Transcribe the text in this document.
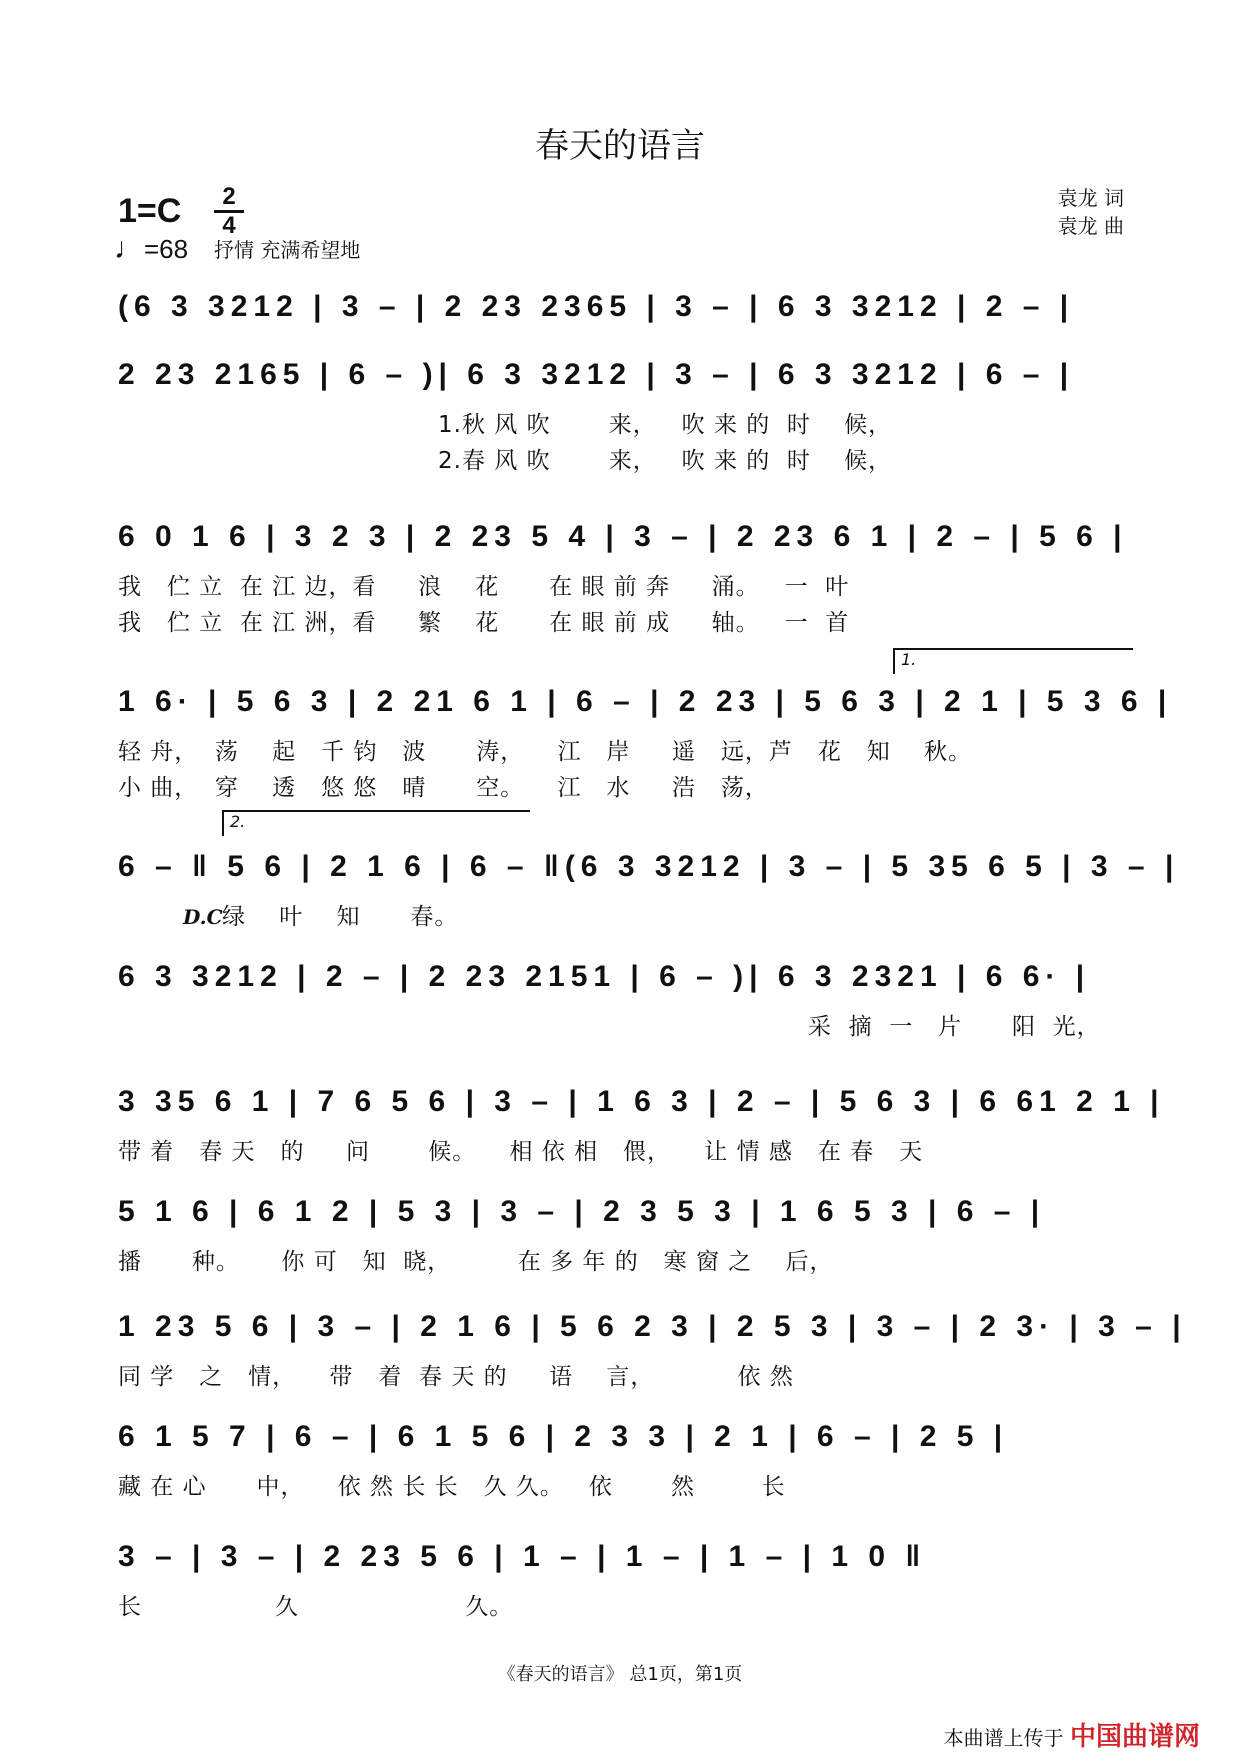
春天的语言
1=C	2
4
♩=68 抒情 充满希望地
袁龙 词
袁龙 曲
(6 3 3212 | 3 – | 2 23 2365 | 3 – | 6 3 3212 | 2 – |
2 23 2165 | 6 – )| 6 3 3212 | 3 – | 6 3 3212 | 6 – |
1.秋 风 吹       来，   吹 来 的  时    候，
2.春 风 吹       来，   吹 来 的  时    候，
6 0 1 6 | 3 2 3 | 2 23 5 4 | 3 – | 2 23 6 1 | 2 – | 5 6 |
我   伫 立  在 江 边，看     浪    花      在 眼 前 奔     涌。   一  叶
我   伫 立  在 江 洲，看     繁    花      在 眼 前 成     轴。   一  首
1 6· | 5 6 3 | 2 21 6 1 | 6 – | 2 23 | 5 6 3 | 2 1 | 5 3 6 |
轻 舟，  荡    起   千 钧   波      涛，    江   岸     遥   远，芦   花   知    秋。
小 曲，  穿    透   悠 悠   晴      空。    江   水     浩   荡，
6 – ‖ 5 6 | 2 1 6 | 6 – ‖(6 3 3212 | 3 – | 5 35 6 5 | 3 – |
绿    叶    知      春。
6 3 3212 | 2 – | 2 23 2151 | 6 – )| 6 3 2321 | 6 6· |
采  摘  一   片      阳  光，
3 35 6 1 | 7 6 5 6 | 3 – | 1 6 3 | 2 – | 5 6 3 | 6 61 2 1 |
带 着   春 天   的     问       候。    相 依 相   偎，    让 情 感   在 春   天
5 1 6 | 6 1 2 | 5 3 | 3 – | 2 3 5 3 | 1 6 5 3 | 6 – |
播      种。     你 可   知  晓，        在 多 年 的   寒 窗 之    后，
1 23 5 6 | 3 – | 2 1 6 | 5 6 2 3 | 2 5 3 | 3 – | 2 3· | 3 – |
同 学   之   情，    带   着  春 天 的     语    言，          依 然
6 1 5 7 | 6 – | 6 1 5 6 | 2 3 3 | 2 1 | 6 – | 2 5 |
藏 在 心      中，    依 然 长 长   久 久。   依       然        长
3 – | 3 – | 2 23 5 6 | 1 – | 1 – | 1 – | 1 0 ‖
长                久                    久。
1.
2.
D.C
《春天的语言》 总1页，第1页
本曲谱上传于 中国曲谱网
